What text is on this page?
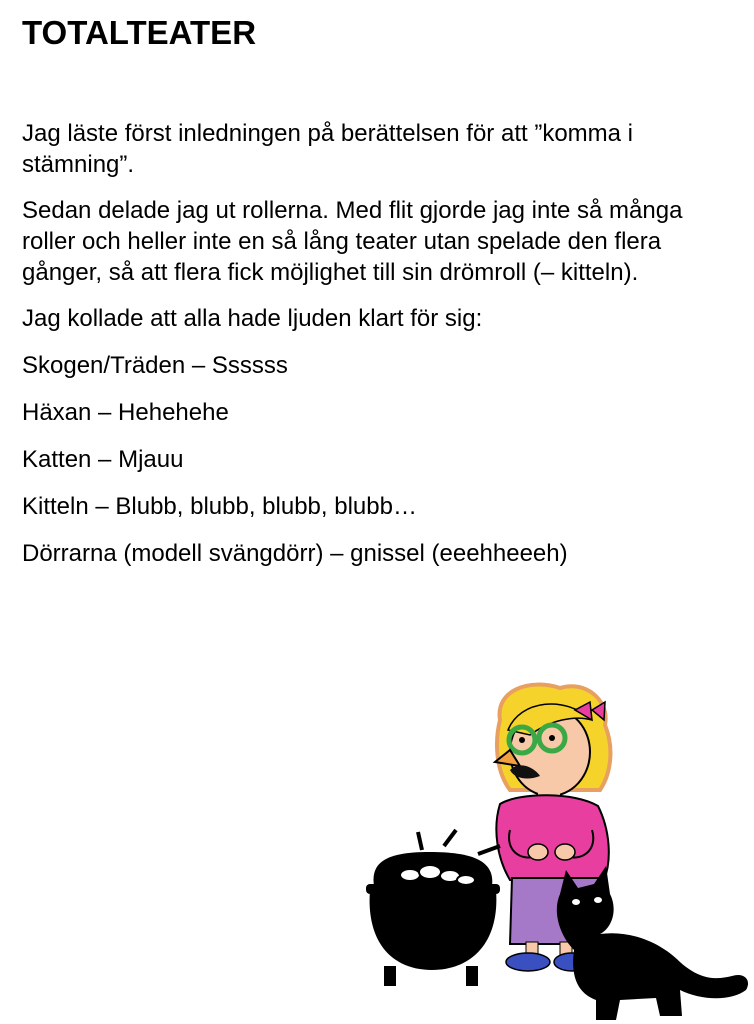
TOTALTEATER

Jag läste först inledningen på berättelsen för att ”komma i stämning”.

Sedan delade jag ut rollerna. Med flit gjorde jag inte så många roller och heller inte en så lång teater utan spelade den flera gånger, så att flera fick möjlighet till sin drömroll (– kitteln).

Jag kollade att alla hade ljuden klart för sig:

Skogen/Träden – Ssssss

Häxan – Hehehehe

Katten – Mjauu

Kitteln – Blubb, blubb, blubb, blubb…

Dörrarna (modell svängdörr) – gnissel (eeehheeeh)
